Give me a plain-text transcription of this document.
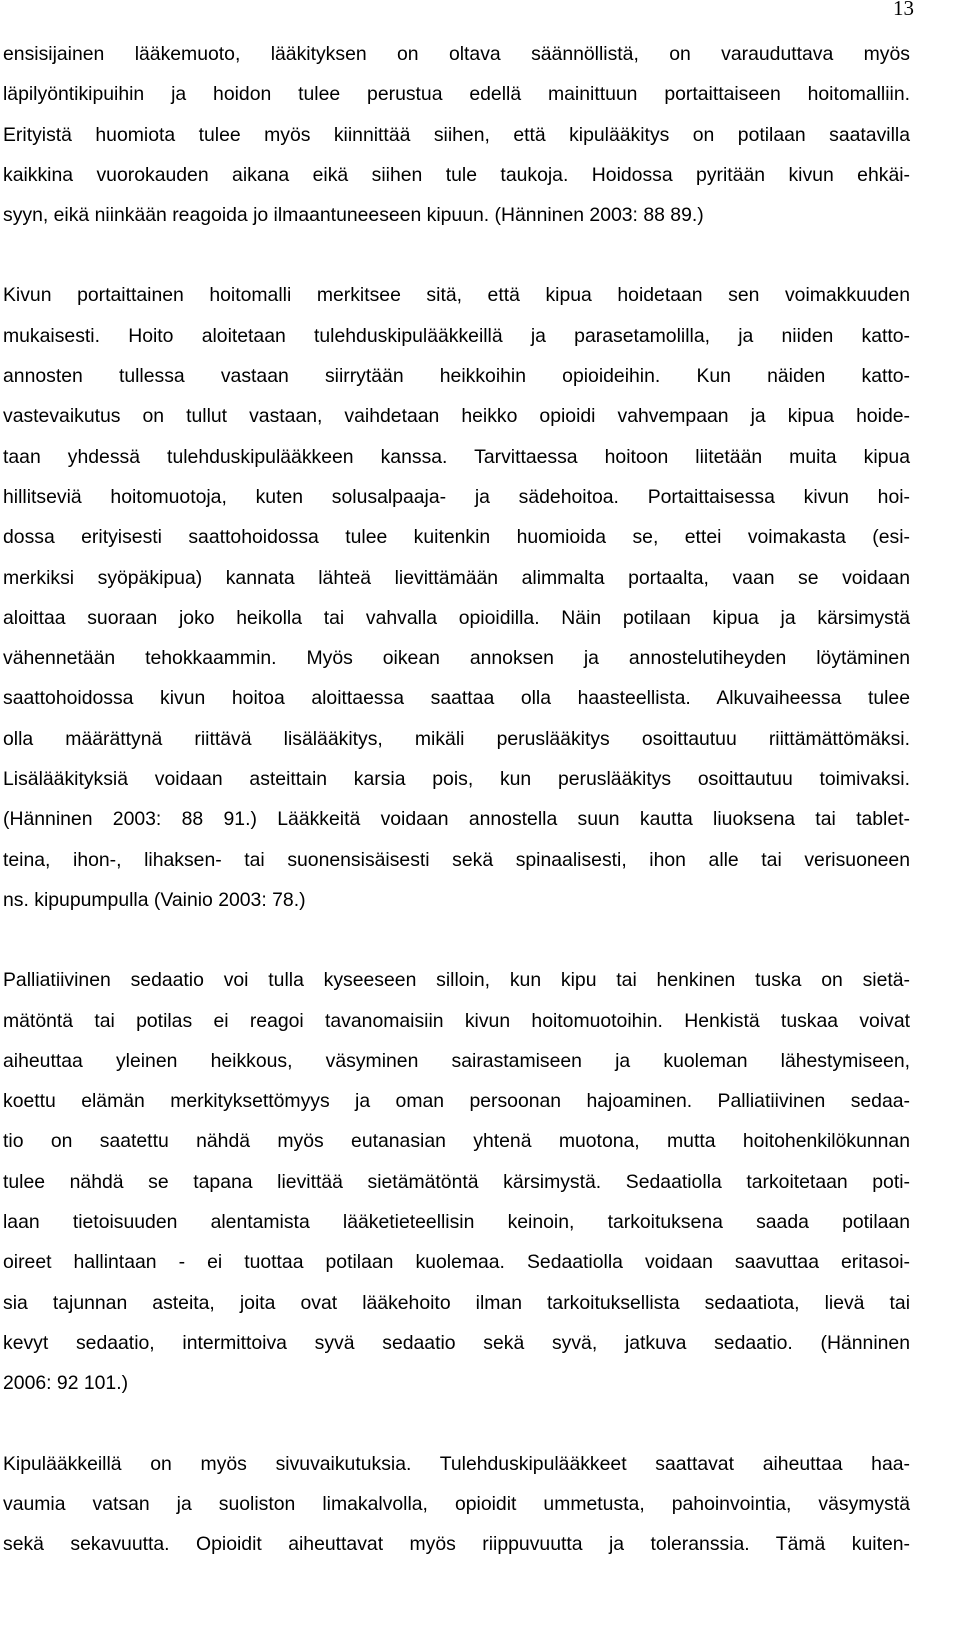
13

ensisijainen lääkemuoto, lääkityksen on oltava säännöllistä, on varauduttava myös
läpilyöntikipuihin ja hoidon tulee perustua edellä mainittuun portaittaiseen hoitomalliin.
Erityistä huomiota tulee myös kiinnittää siihen, että kipulääkitys on potilaan saatavilla
kaikkina vuorokauden aikana eikä siihen tule taukoja. Hoidossa pyritään kivun ehkäi-
syyn, eikä niinkään reagoida jo ilmaantuneeseen kipuun. (Hänninen 2003: 88 89.)

Kivun portaittainen hoitomalli merkitsee sitä, että kipua hoidetaan sen voimakkuuden
mukaisesti. Hoito aloitetaan tulehduskipulääkkeillä ja parasetamolilla, ja niiden katto-
annosten tullessa vastaan siirrytään heikkoihin opioideihin. Kun näiden katto-
vastevaikutus on tullut vastaan, vaihdetaan heikko opioidi vahvempaan ja kipua hoide-
taan yhdessä tulehduskipulääkkeen kanssa. Tarvittaessa hoitoon liitetään muita kipua
hillitseviä hoitomuotoja, kuten solusalpaaja- ja sädehoitoa. Portaittaisessa kivun hoi-
dossa erityisesti saattohoidossa tulee kuitenkin huomioida se, ettei voimakasta (esi-
merkiksi syöpäkipua) kannata lähteä lievittämään alimmalta portaalta, vaan se voidaan
aloittaa suoraan joko heikolla tai vahvalla opioidilla. Näin potilaan kipua ja kärsimystä
vähennetään tehokkaammin. Myös oikean annoksen ja annostelutiheyden löytäminen
saattohoidossa kivun hoitoa aloittaessa saattaa olla haasteellista. Alkuvaiheessa tulee
olla määrättynä riittävä lisälääkitys, mikäli peruslääkitys osoittautuu riittämättömäksi.
Lisälääkityksiä voidaan asteittain karsia pois, kun peruslääkitys osoittautuu toimivaksi.
(Hänninen 2003: 88 91.) Lääkkeitä voidaan annostella suun kautta liuoksena tai tablet-
teina, ihon-, lihaksen- tai suonensisäisesti sekä spinaalisesti, ihon alle tai verisuoneen
ns. kipupumpulla (Vainio 2003: 78.)

Palliatiivinen sedaatio voi tulla kyseeseen silloin, kun kipu tai henkinen tuska on sietä-
mätöntä tai potilas ei reagoi tavanomaisiin kivun hoitomuotoihin. Henkistä tuskaa voivat
aiheuttaa yleinen heikkous, väsyminen sairastamiseen ja kuoleman lähestymiseen,
koettu elämän merkityksettömyys ja oman persoonan hajoaminen. Palliatiivinen sedaa-
tio on saatettu nähdä myös eutanasian yhtenä muotona, mutta hoitohenkilökunnan
tulee nähdä se tapana lievittää sietämätöntä kärsimystä. Sedaatiolla tarkoitetaan poti-
laan tietoisuuden alentamista lääketieteellisin keinoin, tarkoituksena saada potilaan
oireet hallintaan - ei tuottaa potilaan kuolemaa. Sedaatiolla voidaan saavuttaa eritasoi-
sia tajunnan asteita, joita ovat lääkehoito ilman tarkoituksellista sedaatiota, lievä tai
kevyt sedaatio, intermittoiva syvä sedaatio sekä syvä, jatkuva sedaatio. (Hänninen
2006: 92 101.)

Kipulääkkeillä on myös sivuvaikutuksia. Tulehduskipulääkkeet saattavat aiheuttaa haa-
vaumia vatsan ja suoliston limakalvolla, opioidit ummetusta, pahoinvointia, väsymystä
sekä sekavuutta. Opioidit aiheuttavat myös riippuvuutta ja toleranssia. Tämä kuiten-
